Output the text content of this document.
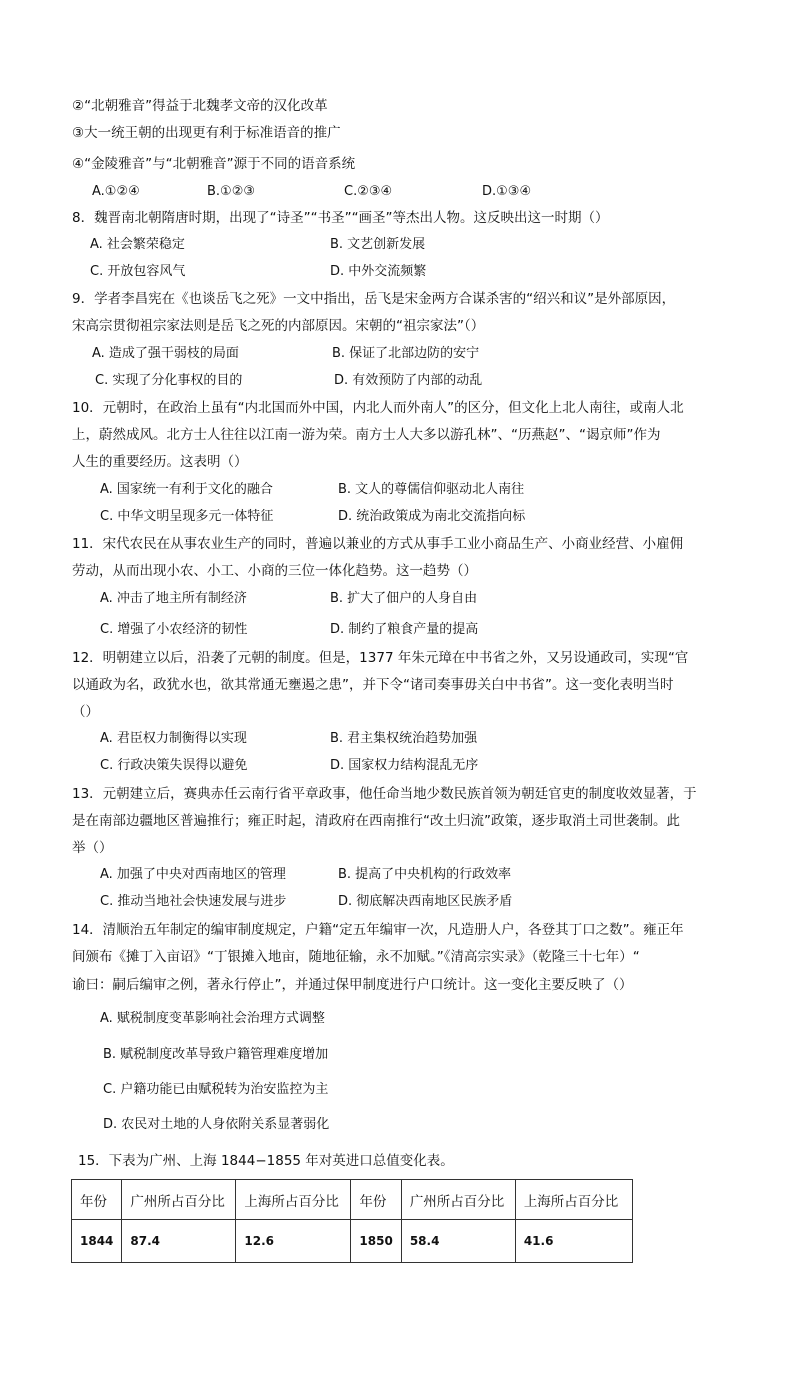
②“北朝雅音”得益于北魏孝文帝的汉化改革
③大一统王朝的出现更有利于标准语音的推广
④“金陵雅音”与“北朝雅音”源于不同的语音系统
A.①②④	B.①②③	C.②③④	D.①③④
8．魏晋南北朝隋唐时期，出现了“诗圣”“书圣”“画圣”等杰出人物。这反映出这一时期（）
A. 社会繁荣稳定	B. 文艺创新发展
C. 开放包容风气	D. 中外交流频繁
9．学者李昌宪在《也谈岳飞之死》一文中指出，岳飞是宋金两方合谋杀害的“绍兴和议”是外部原因，
宋高宗贯彻祖宗家法则是岳飞之死的内部原因。宋朝的“祖宗家法”（）
A. 造成了强干弱枝的局面	B. 保证了北部边防的安宁
C. 实现了分化事权的目的	D. 有效预防了内部的动乱
10．元朝时，在政治上虽有“内北国而外中国，内北人而外南人”的区分，但文化上北人南往，或南人北
上，蔚然成风。北方士人往往以江南一游为荣。南方士人大多以游孔林”、“历燕赵”、“谒京师”作为
人生的重要经历。这表明（）
A. 国家统一有利于文化的融合	B. 文人的尊儒信仰驱动北人南往
C. 中华文明呈现多元一体特征	D. 统治政策成为南北交流指向标
11．宋代农民在从事农业生产的同时，普遍以兼业的方式从事手工业小商品生产、小商业经营、小雇佣
劳动，从而出现小农、小工、小商的三位一体化趋势。这一趋势（）
A. 冲击了地主所有制经济	B. 扩大了佃户的人身自由
C. 增强了小农经济的韧性	D. 制约了粮食产量的提高
12．明朝建立以后，沿袭了元朝的制度。但是，1377 年朱元璋在中书省之外，又另设通政司，实现“官
以通政为名，政犹水也，欲其常通无壅遏之患”，并下令“诸司奏事毋关白中书省”。这一变化表明当时
（）
A. 君臣权力制衡得以实现	B. 君主集权统治趋势加强
C. 行政决策失误得以避免	D. 国家权力结构混乱无序
13．元朝建立后，赛典赤任云南行省平章政事，他任命当地少数民族首领为朝廷官吏的制度收效显著，于
是在南部边疆地区普遍推行；雍正时起，清政府在西南推行“改土归流”政策，逐步取消土司世袭制。此
举（）
A. 加强了中央对西南地区的管理	B. 提高了中央机构的行政效率
C. 推动当地社会快速发展与进步	D. 彻底解决西南地区民族矛盾
14．清顺治五年制定的编审制度规定，户籍“定五年编审一次，凡造册人户，各登其丁口之数”。雍正年
间颁布《摊丁入亩诏》“丁银摊入地亩，随地征输，永不加赋。”《清高宗实录》（乾隆三十七年）“
谕曰：嗣后编审之例，著永行停止”，并通过保甲制度进行户口统计。这一变化主要反映了（）
A. 赋税制度变革影响社会治理方式调整
B. 赋税制度改革导致户籍管理难度增加
C. 户籍功能已由赋税转为治安监控为主
D. 农民对土地的人身依附关系显著弱化
15．下表为广州、上海 1844−1855 年对英进口总值变化表。
年份	广州所占百分比	上海所占百分比	年份	广州所占百分比	上海所占百分比
1844	87.4	12.6	1850	58.4	41.6
